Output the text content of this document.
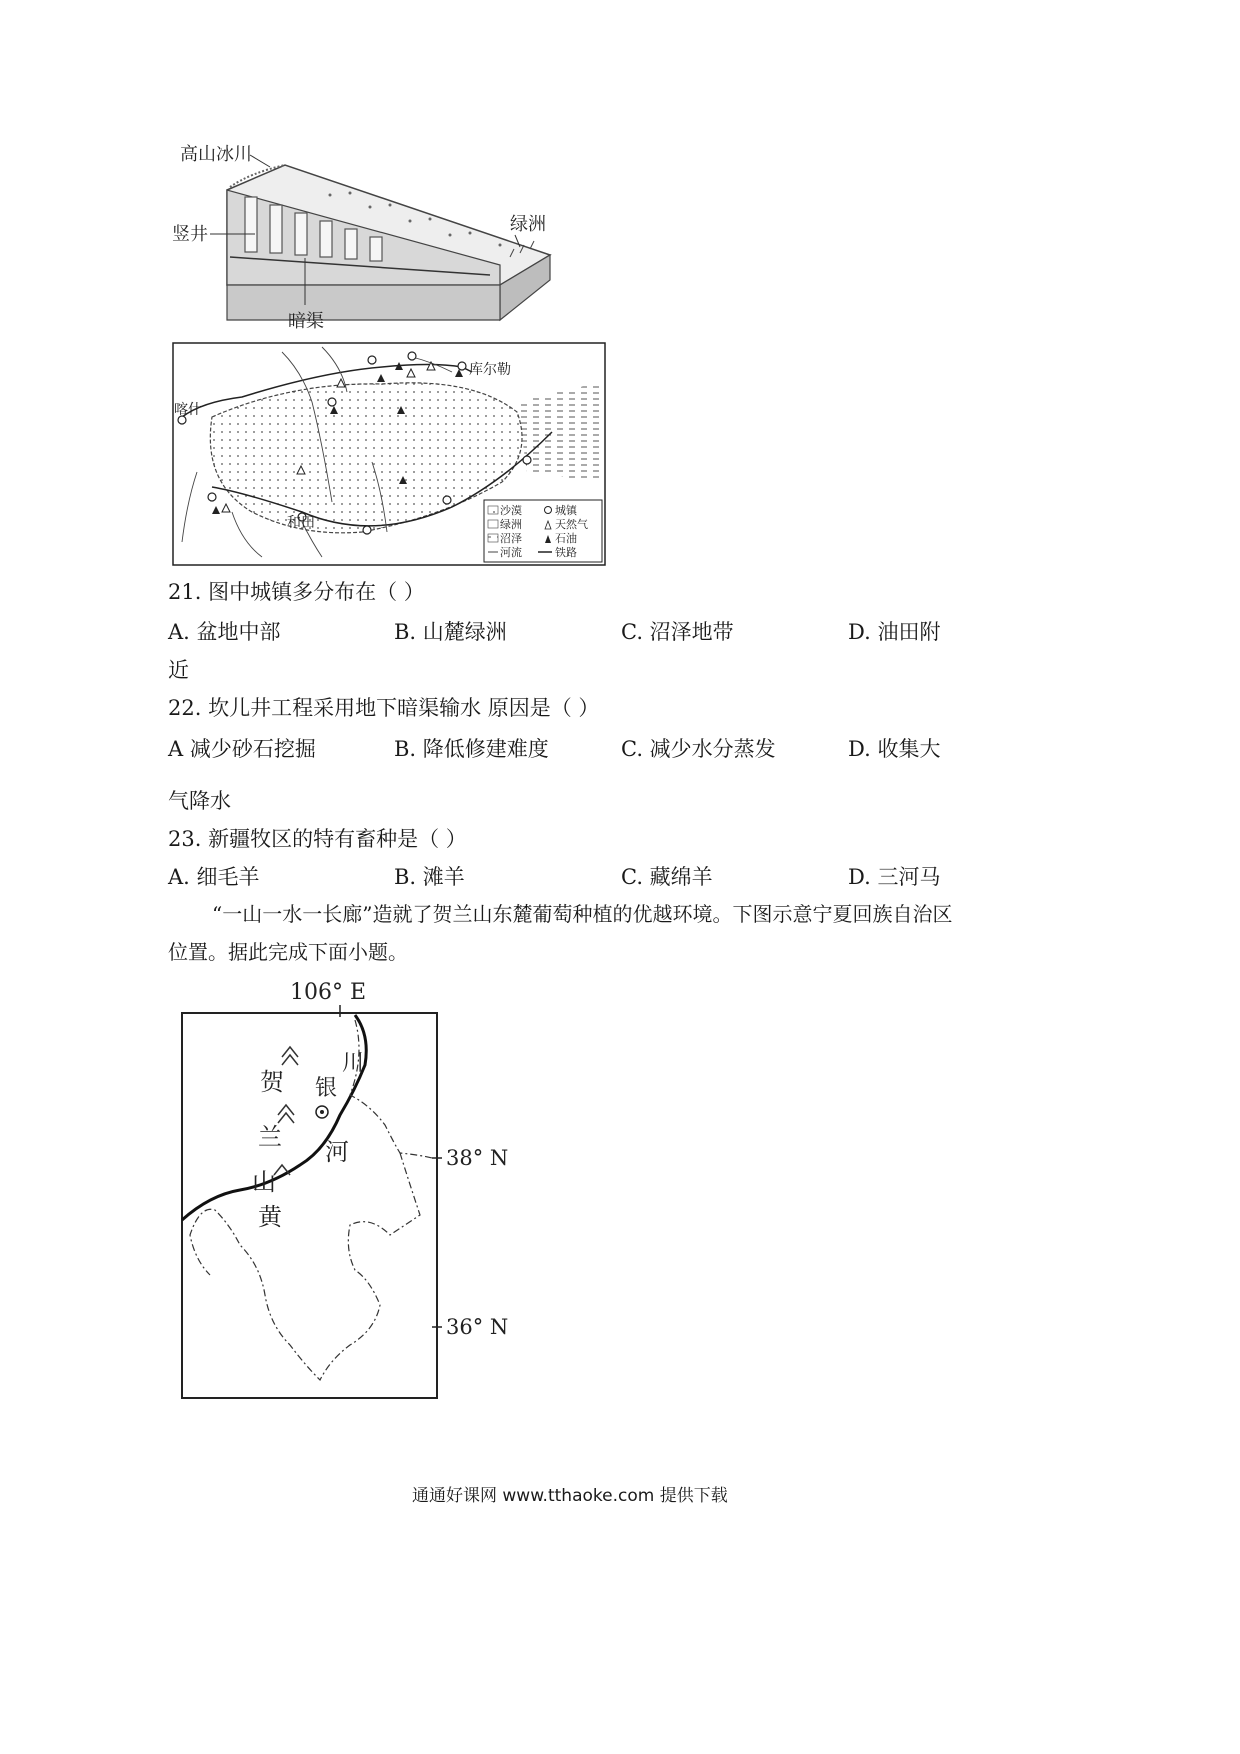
高山冰川
竖井	绿洲
暗渠
库尔勒
喀什
和田
沙漠	城镇
绿洲	天然气
沼泽	石油
河流	铁路
21. 图中城镇多分布在（ ）
A. 盆地中部	B. 山麓绿洲	C. 沼泽地带	D. 油田附
近
22. 坎儿井工程采用地下暗渠输水 原因是（ ）
A 减少砂石挖掘	B. 降低修建难度	C. 减少水分蒸发	D. 收集大
气降水
23. 新疆牧区的特有畜种是（ ）
A. 细毛羊	B. 滩羊	C. 藏绵羊	D. 三河马
“一山一水一长廊”造就了贺兰山东麓葡萄种植的优越环境。下图示意宁夏回族自治区
位置。据此完成下面小题。
106° E
38° N
36° N
贺
兰
山
银
川
河
黄
通通好课网 www.tthaoke.com 提供下载
